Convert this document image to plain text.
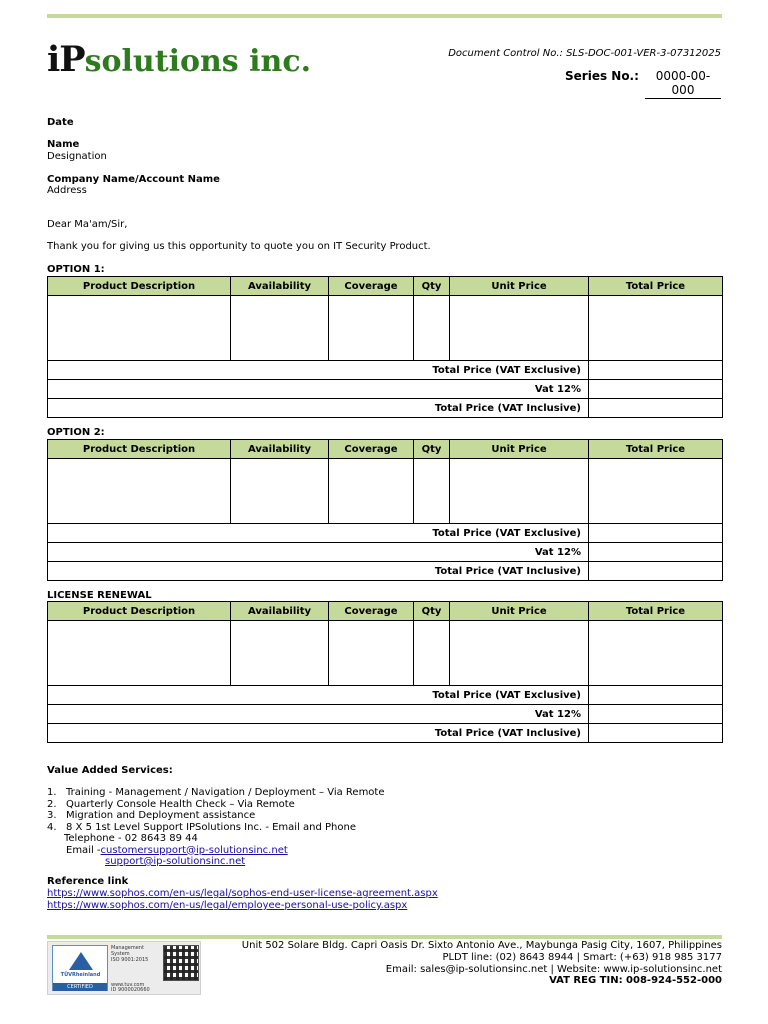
iPsolutions inc.	Document Control No.: SLS-DOC-001-VER-3-07312025
Series No.:	0000-00-000
Date
Name
Designation
Company Name/Account Name
Address
Dear Ma'am/Sir,
Thank you for giving us this opportunity to quote you on IT Security Product.
OPTION 1:
Product Description	Availability	Coverage	Qty	Unit Price	Total Price

Total Price (VAT Exclusive)					
Vat 12%					
Total Price (VAT Inclusive)					
OPTION 2:
Product Description	Availability	Coverage	Qty	Unit Price	Total Price

Total Price (VAT Exclusive)					
Vat 12%					
Total Price (VAT Inclusive)					
LICENSE RENEWAL
Product Description	Availability	Coverage	Qty	Unit Price	Total Price

Total Price (VAT Exclusive)					
Vat 12%					
Total Price (VAT Inclusive)					
Value Added Services:
1. Training - Management / Navigation / Deployment – Via Remote
2. Quarterly Console Health Check – Via Remote
3. Migration and Deployment assistance
4. 8 X 5 1st Level Support IPSolutions Inc. - Email and Phone
Telephone - 02 8643 89 44
Email - customersupport@ip-solutionsinc.net
support@ip-solutionsinc.net
Reference link
https://www.sophos.com/en-us/legal/sophos-end-user-license-agreement.aspx
https://www.sophos.com/en-us/legal/employee-personal-use-policy.aspx
TÜVRheinland
CERTIFIED
Management
System
ISO 9001:2015
www.tuv.com
ID 9000020660
Unit 502 Solare Bldg. Capri Oasis Dr. Sixto Antonio Ave., Maybunga Pasig City, 1607, Philippines
PLDT line: (02) 8643 8944 | Smart: (+63) 918 985 3177
Email: sales@ip-solutionsinc.net | Website: www.ip-solutionsinc.net
VAT REG TIN: 008-924-552-000
